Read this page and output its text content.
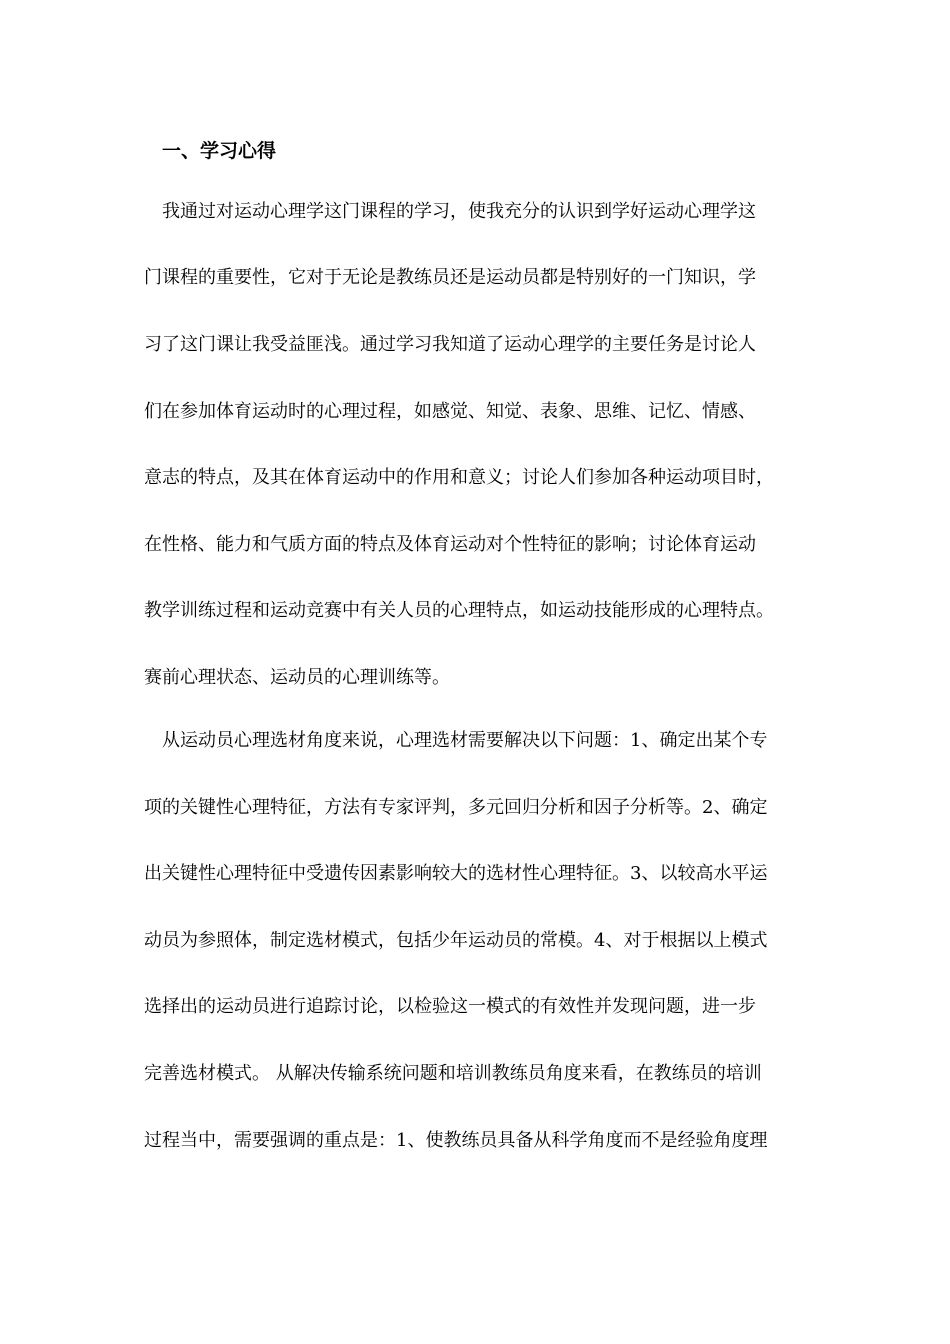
一、学习心得
我通过对运动心理学这门课程的学习，使我充分的认识到学好运动心理学这
门课程的重要性，它对于无论是教练员还是运动员都是特别好的一门知识，学
习了这门课让我受益匪浅。通过学习我知道了运动心理学的主要任务是讨论人
们在参加体育运动时的心理过程，如感觉、知觉、表象、思维、记忆、情感、
意志的特点，及其在体育运动中的作用和意义；讨论人们参加各种运动项目时，
在性格、能力和气质方面的特点及体育运动对个性特征的影响；讨论体育运动
教学训练过程和运动竞赛中有关人员的心理特点，如运动技能形成的心理特点。
赛前心理状态、运动员的心理训练等。
从运动员心理选材角度来说，心理选材需要解决以下问题：1、确定出某个专
项的关键性心理特征，方法有专家评判，多元回归分析和因子分析等。2、确定
出关键性心理特征中受遗传因素影响较大的选材性心理特征。3、以较高水平运
动员为参照体，制定选材模式，包括少年运动员的常模。4、对于根据以上模式
选择出的运动员进行追踪讨论，以检验这一模式的有效性并发现问题，进一步
完善选材模式。 从解决传输系统问题和培训教练员角度来看，在教练员的培训
过程当中，需要强调的重点是：1、使教练员具备从科学角度而不是经验角度理
